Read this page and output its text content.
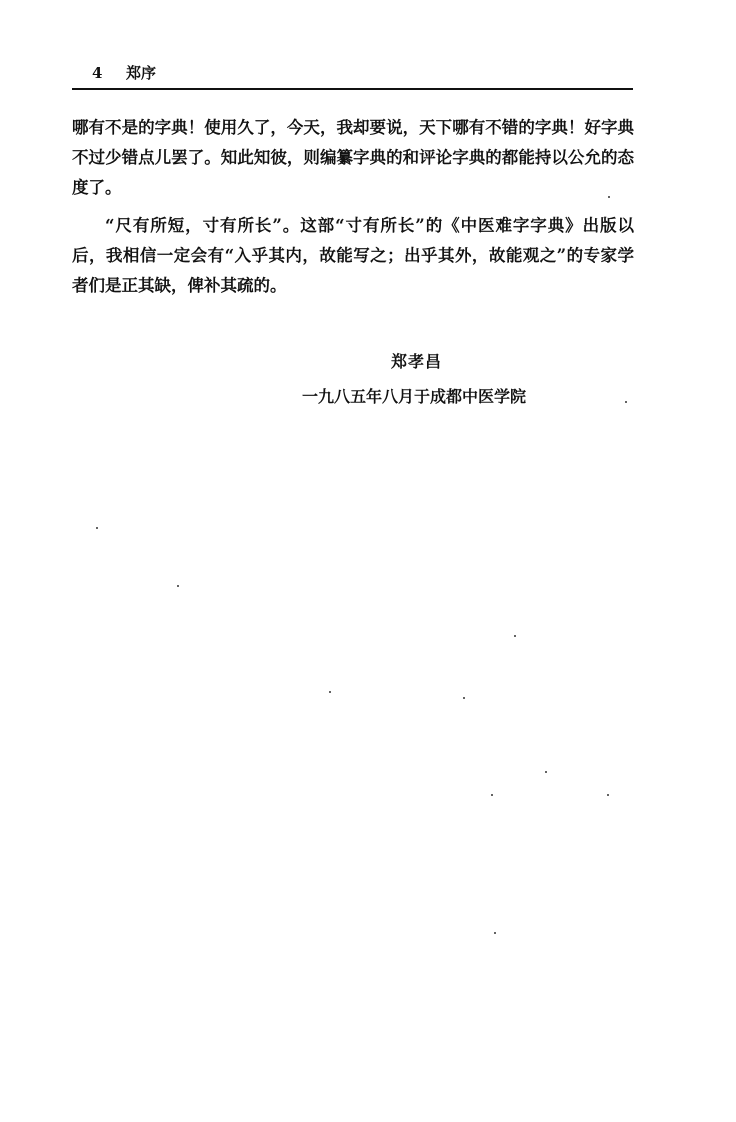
4 郑序

哪有不是的字典！使用久了，今天，我却要说，天下哪有不错的字典！好字典不过少错点儿罢了。知此知彼，则编纂字典的和评论字典的都能持以公允的态度了。

“尺有所短，寸有所长”。这部“寸有所长”的《中医难字字典》出版以后，我相信一定会有“入乎其内，故能写之；出乎其外，故能观之”的专家学者们是正其缺，俾补其疏的。

郑孝昌
一九八五年八月于成都中医学院
